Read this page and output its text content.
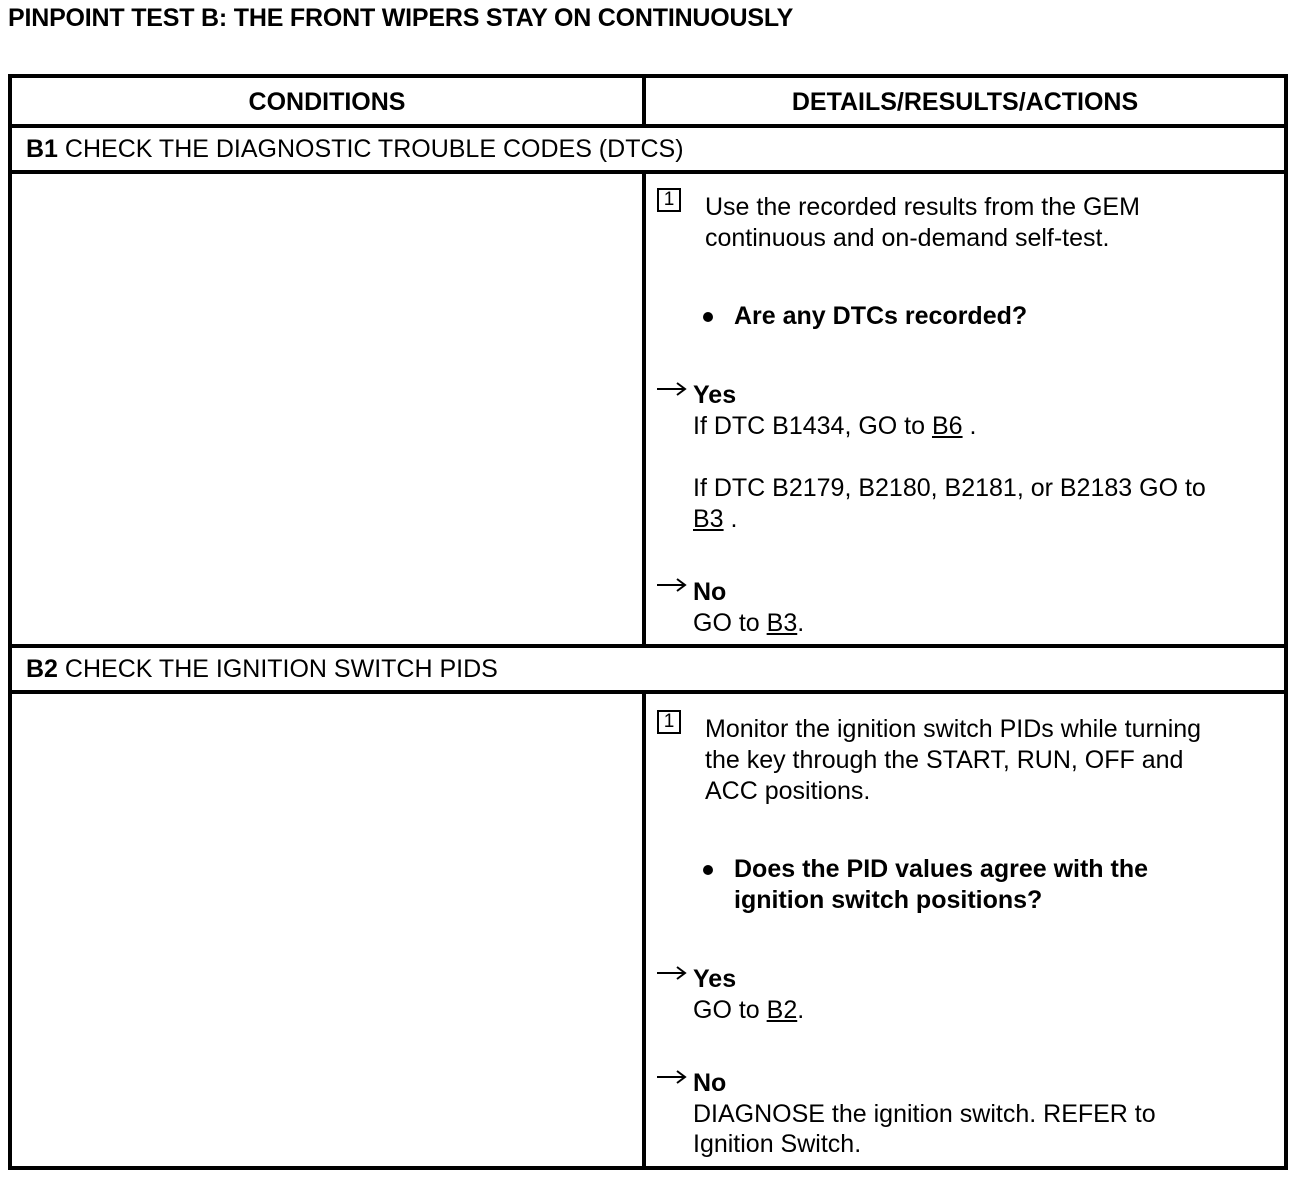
PINPOINT TEST B: THE FRONT WIPERS STAY ON CONTINUOUSLY
CONDITIONS	DETAILS/RESULTS/ACTIONS
B1 CHECK THE DIAGNOSTIC TROUBLE CODES (DTCS)
1 Use the recorded results from the GEM
continuous and on-demand self-test.
Are any DTCs recorded?
Yes
If DTC B1434, GO to B6 .
If DTC B2179, B2180, B2181, or B2183 GO to
B3 .
No
GO to B3.
B2 CHECK THE IGNITION SWITCH PIDS
1 Monitor the ignition switch PIDs while turning
the key through the START, RUN, OFF and
ACC positions.
Does the PID values agree with the
ignition switch positions?
Yes
GO to B2.
No
DIAGNOSE the ignition switch. REFER to
Ignition Switch.
